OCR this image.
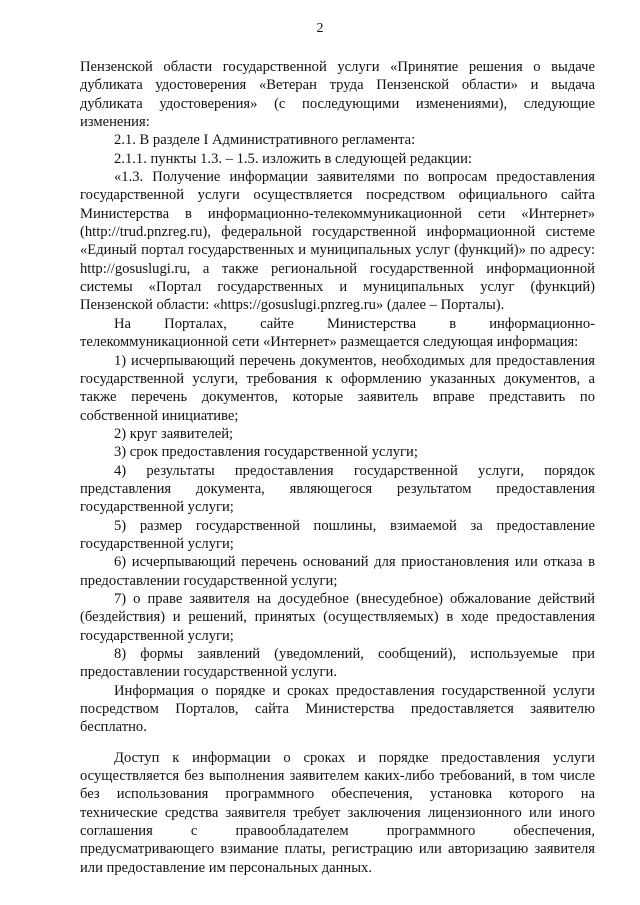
2

Пензенской области государственной услуги «Принятие решения о выдаче дубликата удостоверения «Ветеран труда Пензенской области» и выдача дубликата удостоверения» (с последующими изменениями), следующие изменения:

2.1. В разделе I Административного регламента:

2.1.1. пункты 1.3. – 1.5. изложить в следующей редакции:

«1.3. Получение информации заявителями по вопросам предоставления государственной услуги осуществляется посредством официального сайта Министерства в информационно-телекоммуникационной сети «Интернет» (http://trud.pnzreg.ru), федеральной государственной информационной системе «Единый портал государственных и муниципальных услуг (функций)» по адресу: http://gosuslugi.ru, а также региональной государственной информационной системы «Портал государственных и муниципальных услуг (функций) Пензенской области: «https://gosuslugi.pnzreg.ru» (далее – Порталы).

На Порталах, сайте Министерства в информационно-телекоммуникационной сети «Интернет» размещается следующая информация:

1) исчерпывающий перечень документов, необходимых для предоставления государственной услуги, требования к оформлению указанных документов, а также перечень документов, которые заявитель вправе представить по собственной инициативе;

2) круг заявителей;

3) срок предоставления государственной услуги;

4) результаты предоставления государственной услуги, порядок представления документа, являющегося результатом предоставления государственной услуги;

5) размер государственной пошлины, взимаемой за предоставление государственной услуги;

6) исчерпывающий перечень оснований для приостановления или отказа в предоставлении государственной услуги;

7) о праве заявителя на досудебное (внесудебное) обжалование действий (бездействия) и решений, принятых (осуществляемых) в ходе предоставления государственной услуги;

8) формы заявлений (уведомлений, сообщений), используемые при предоставлении государственной услуги.

Информация о порядке и сроках предоставления государственной услуги посредством Порталов, сайта Министерства предоставляется заявителю бесплатно.

Доступ к информации о сроках и порядке предоставления услуги осуществляется без выполнения заявителем каких-либо требований, в том числе без использования программного обеспечения, установка которого на технические средства заявителя требует заключения лицензионного или иного соглашения с правообладателем программного обеспечения, предусматривающего взимание платы, регистрацию или авторизацию заявителя или предоставление им персональных данных.
